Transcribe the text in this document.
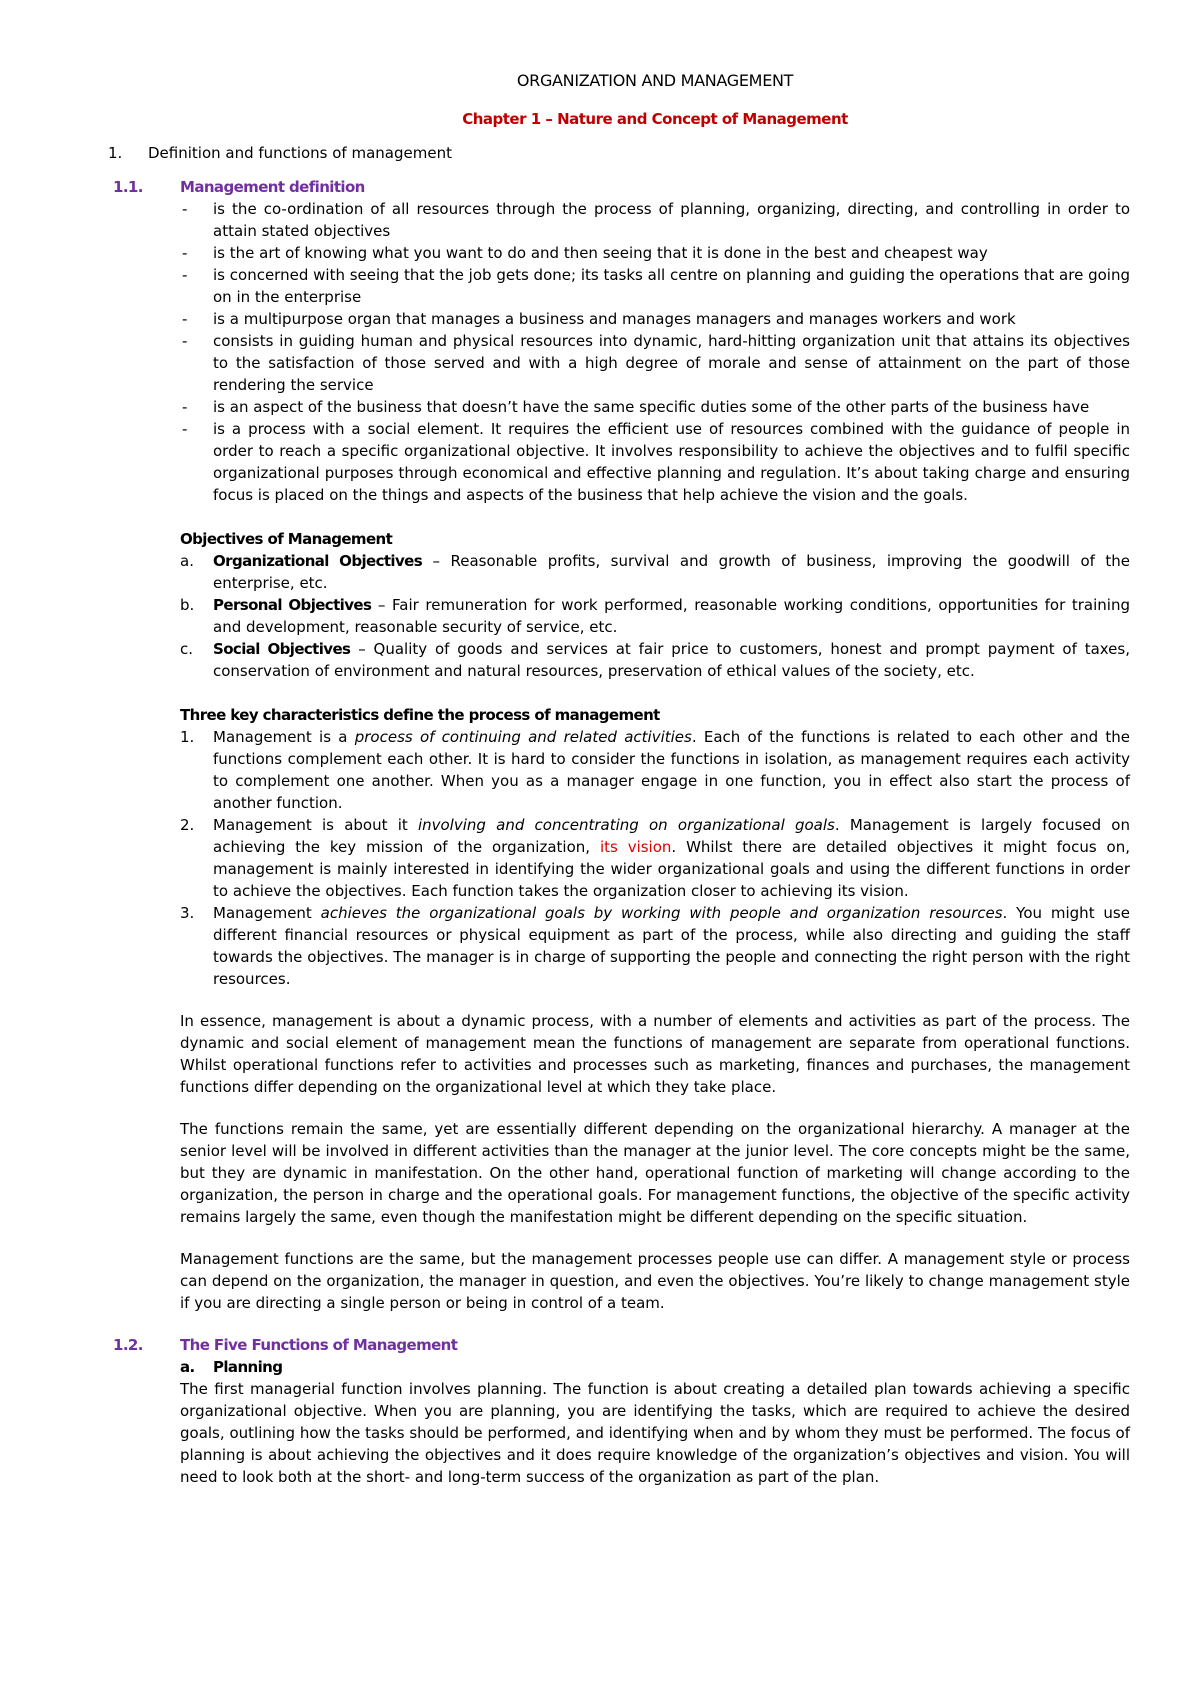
ORGANIZATION AND MANAGEMENT
Chapter 1 – Nature and Concept of Management
1.	Definition and functions of management
1.1.	Management definition
-	is the co-ordination of all resources through the process of planning, organizing, directing, and controlling in order to attain stated objectives
-	is the art of knowing what you want to do and then seeing that it is done in the best and cheapest way
-	is concerned with seeing that the job gets done; its tasks all centre on planning and guiding the operations that are going on in the enterprise
-	is a multipurpose organ that manages a business and manages managers and manages workers and work
-	consists in guiding human and physical resources into dynamic, hard-hitting organization unit that attains its objectives to the satisfaction of those served and with a high degree of morale and sense of attainment on the part of those rendering the service
-	is an aspect of the business that doesn’t have the same specific duties some of the other parts of the business have
-	is a process with a social element. It requires the efficient use of resources combined with the guidance of people in order to reach a specific organizational objective. It involves responsibility to achieve the objectives and to fulfil specific organizational purposes through economical and effective planning and regulation. It’s about taking charge and ensuring focus is placed on the things and aspects of the business that help achieve the vision and the goals.
Objectives of Management
a.	Organizational Objectives – Reasonable profits, survival and growth of business, improving the goodwill of the enterprise, etc.
b.	Personal Objectives – Fair remuneration for work performed, reasonable working conditions, opportunities for training and development, reasonable security of service, etc.
c.	Social Objectives – Quality of goods and services at fair price to customers, honest and prompt payment of taxes, conservation of environment and natural resources, preservation of ethical values of the society, etc.
Three key characteristics define the process of management
1.	Management is a process of continuing and related activities. Each of the functions is related to each other and the functions complement each other. It is hard to consider the functions in isolation, as management requires each activity to complement one another. When you as a manager engage in one function, you in effect also start the process of another function.
2.	Management is about it involving and concentrating on organizational goals. Management is largely focused on achieving the key mission of the organization, its vision. Whilst there are detailed objectives it might focus on, management is mainly interested in identifying the wider organizational goals and using the different functions in order to achieve the objectives. Each function takes the organization closer to achieving its vision.
3.	Management achieves the organizational goals by working with people and organization resources. You might use different financial resources or physical equipment as part of the process, while also directing and guiding the staff towards the objectives. The manager is in charge of supporting the people and connecting the right person with the right resources.

In essence, management is about a dynamic process, with a number of elements and activities as part of the process. The dynamic and social element of management mean the functions of management are separate from operational functions. Whilst operational functions refer to activities and processes such as marketing, finances and purchases, the management functions differ depending on the organizational level at which they take place.

The functions remain the same, yet are essentially different depending on the organizational hierarchy. A manager at the senior level will be involved in different activities than the manager at the junior level. The core concepts might be the same, but they are dynamic in manifestation. On the other hand, operational function of marketing will change according to the organization, the person in charge and the operational goals. For management functions, the objective of the specific activity remains largely the same, even though the manifestation might be different depending on the specific situation.

Management functions are the same, but the management processes people use can differ. A management style or process can depend on the organization, the manager in question, and even the objectives. You’re likely to change management style if you are directing a single person or being in control of a team.

1.2.	The Five Functions of Management
a.	Planning

The first managerial function involves planning. The function is about creating a detailed plan towards achieving a specific organizational objective. When you are planning, you are identifying the tasks, which are required to achieve the desired goals, outlining how the tasks should be performed, and identifying when and by whom they must be performed. The focus of planning is about achieving the objectives and it does require knowledge of the organization’s objectives and vision. You will need to look both at the short- and long-term success of the organization as part of the plan.
